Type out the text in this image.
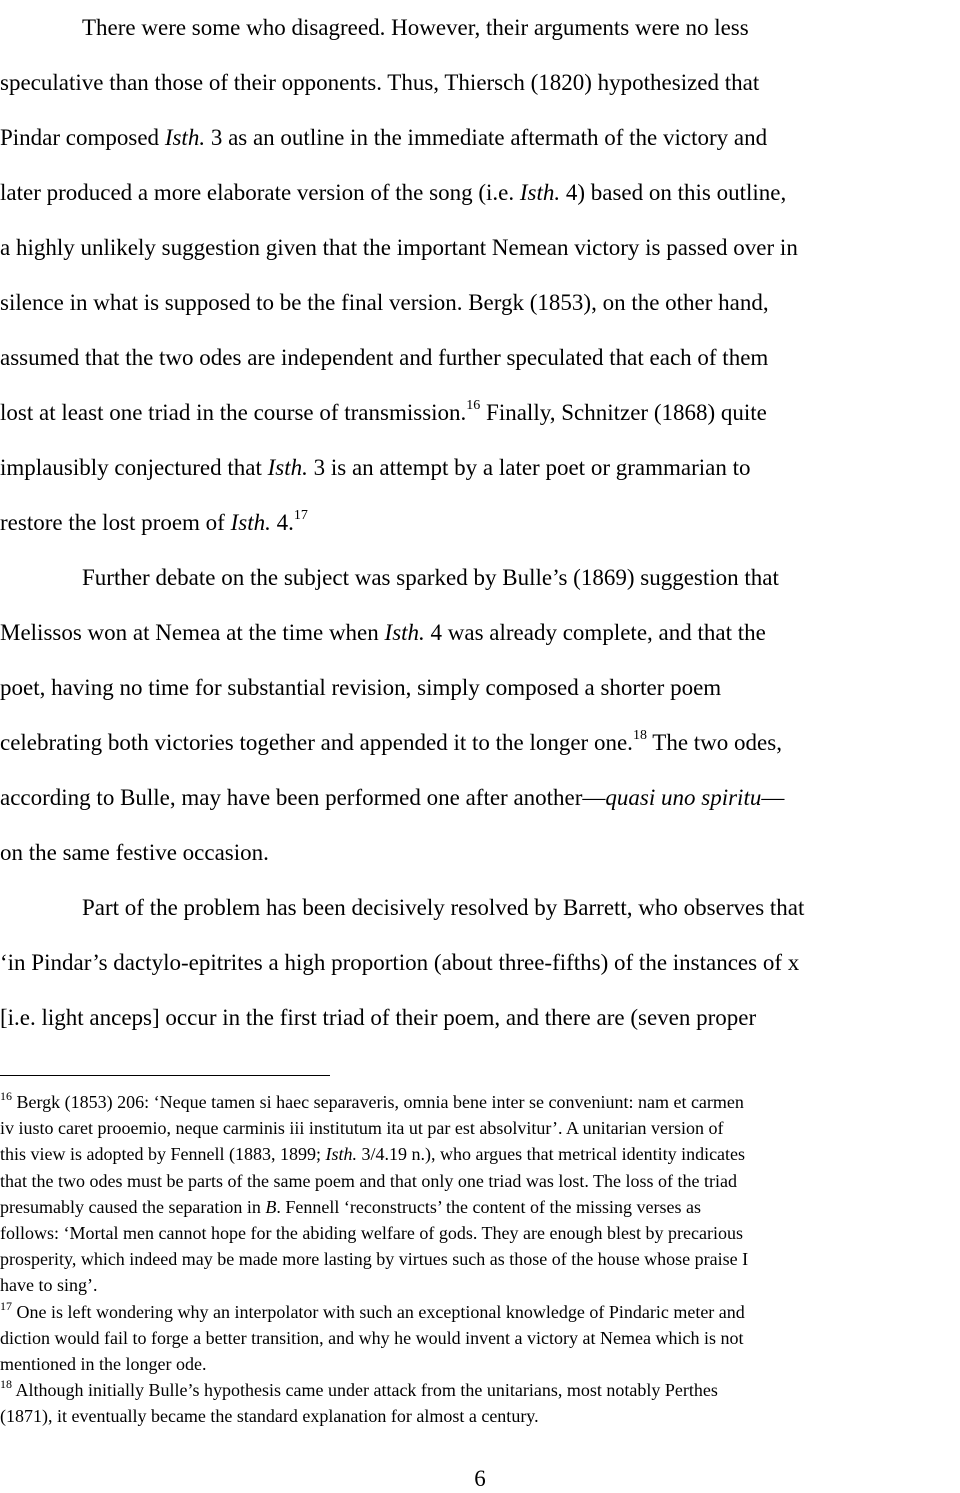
There were some who disagreed. However, their arguments were no less
speculative than those of their opponents. Thus, Thiersch (1820) hypothesized that
Pindar composed Isth. 3 as an outline in the immediate aftermath of the victory and
later produced a more elaborate version of the song (i.e. Isth. 4) based on this outline,
a highly unlikely suggestion given that the important Nemean victory is passed over in
silence in what is supposed to be the final version. Bergk (1853), on the other hand,
assumed that the two odes are independent and further speculated that each of them
lost at least one triad in the course of transmission.$^{16}$ Finally, Schnitzer (1868) quite
implausibly conjectured that Isth. 3 is an attempt by a later poet or grammarian to
restore the lost proem of Isth. 4.17
Further debate on the subject was sparked by Bulle’s (1869) suggestion that
Melissos won at Nemea at the time when Isth. 4 was already complete, and that the
poet, having no time for substantial revision, simply composed a shorter poem
celebrating both victories together and appended it to the longer one.$^{18}$ The two odes,
according to Bulle, may have been performed one after another—quasi uno spiritu—
on the same festive occasion.
Part of the problem has been decisively resolved by Barrett, who observes that
‘in Pindar’s dactylo-epitrites a high proportion (about three-fifths) of the instances of x
[i.e. light anceps] occur in the first triad of their poem, and there are (seven proper
$^{16}$ Bergk (1853) 206: ‘Neque tamen si haec separaveris, omnia bene inter se conveniunt: nam et carmen
iv iusto caret prooemio, neque carminis iii institutum ita ut par est absolvitur’. A unitarian version of
this view is adopted by Fennell (1883, 1899; Isth. 3/4.19 n.), who argues that metrical identity indicates
that the two odes must be parts of the same poem and that only one triad was lost. The loss of the triad
presumably caused the separation in B. Fennell ‘reconstructs’ the content of the missing verses as
follows: ‘Mortal men cannot hope for the abiding welfare of gods. They are enough blest by precarious
prosperity, which indeed may be made more lasting by virtues such as those of the house whose praise I
have to sing’.
$^{17}$ One is left wondering why an interpolator with such an exceptional knowledge of Pindaric meter and
diction would fail to forge a better transition, and why he would invent a victory at Nemea which is not
mentioned in the longer ode.
$^{18}$ Although initially Bulle’s hypothesis came under attack from the unitarians, most notably Perthes
(1871), it eventually became the standard explanation for almost a century.
6
